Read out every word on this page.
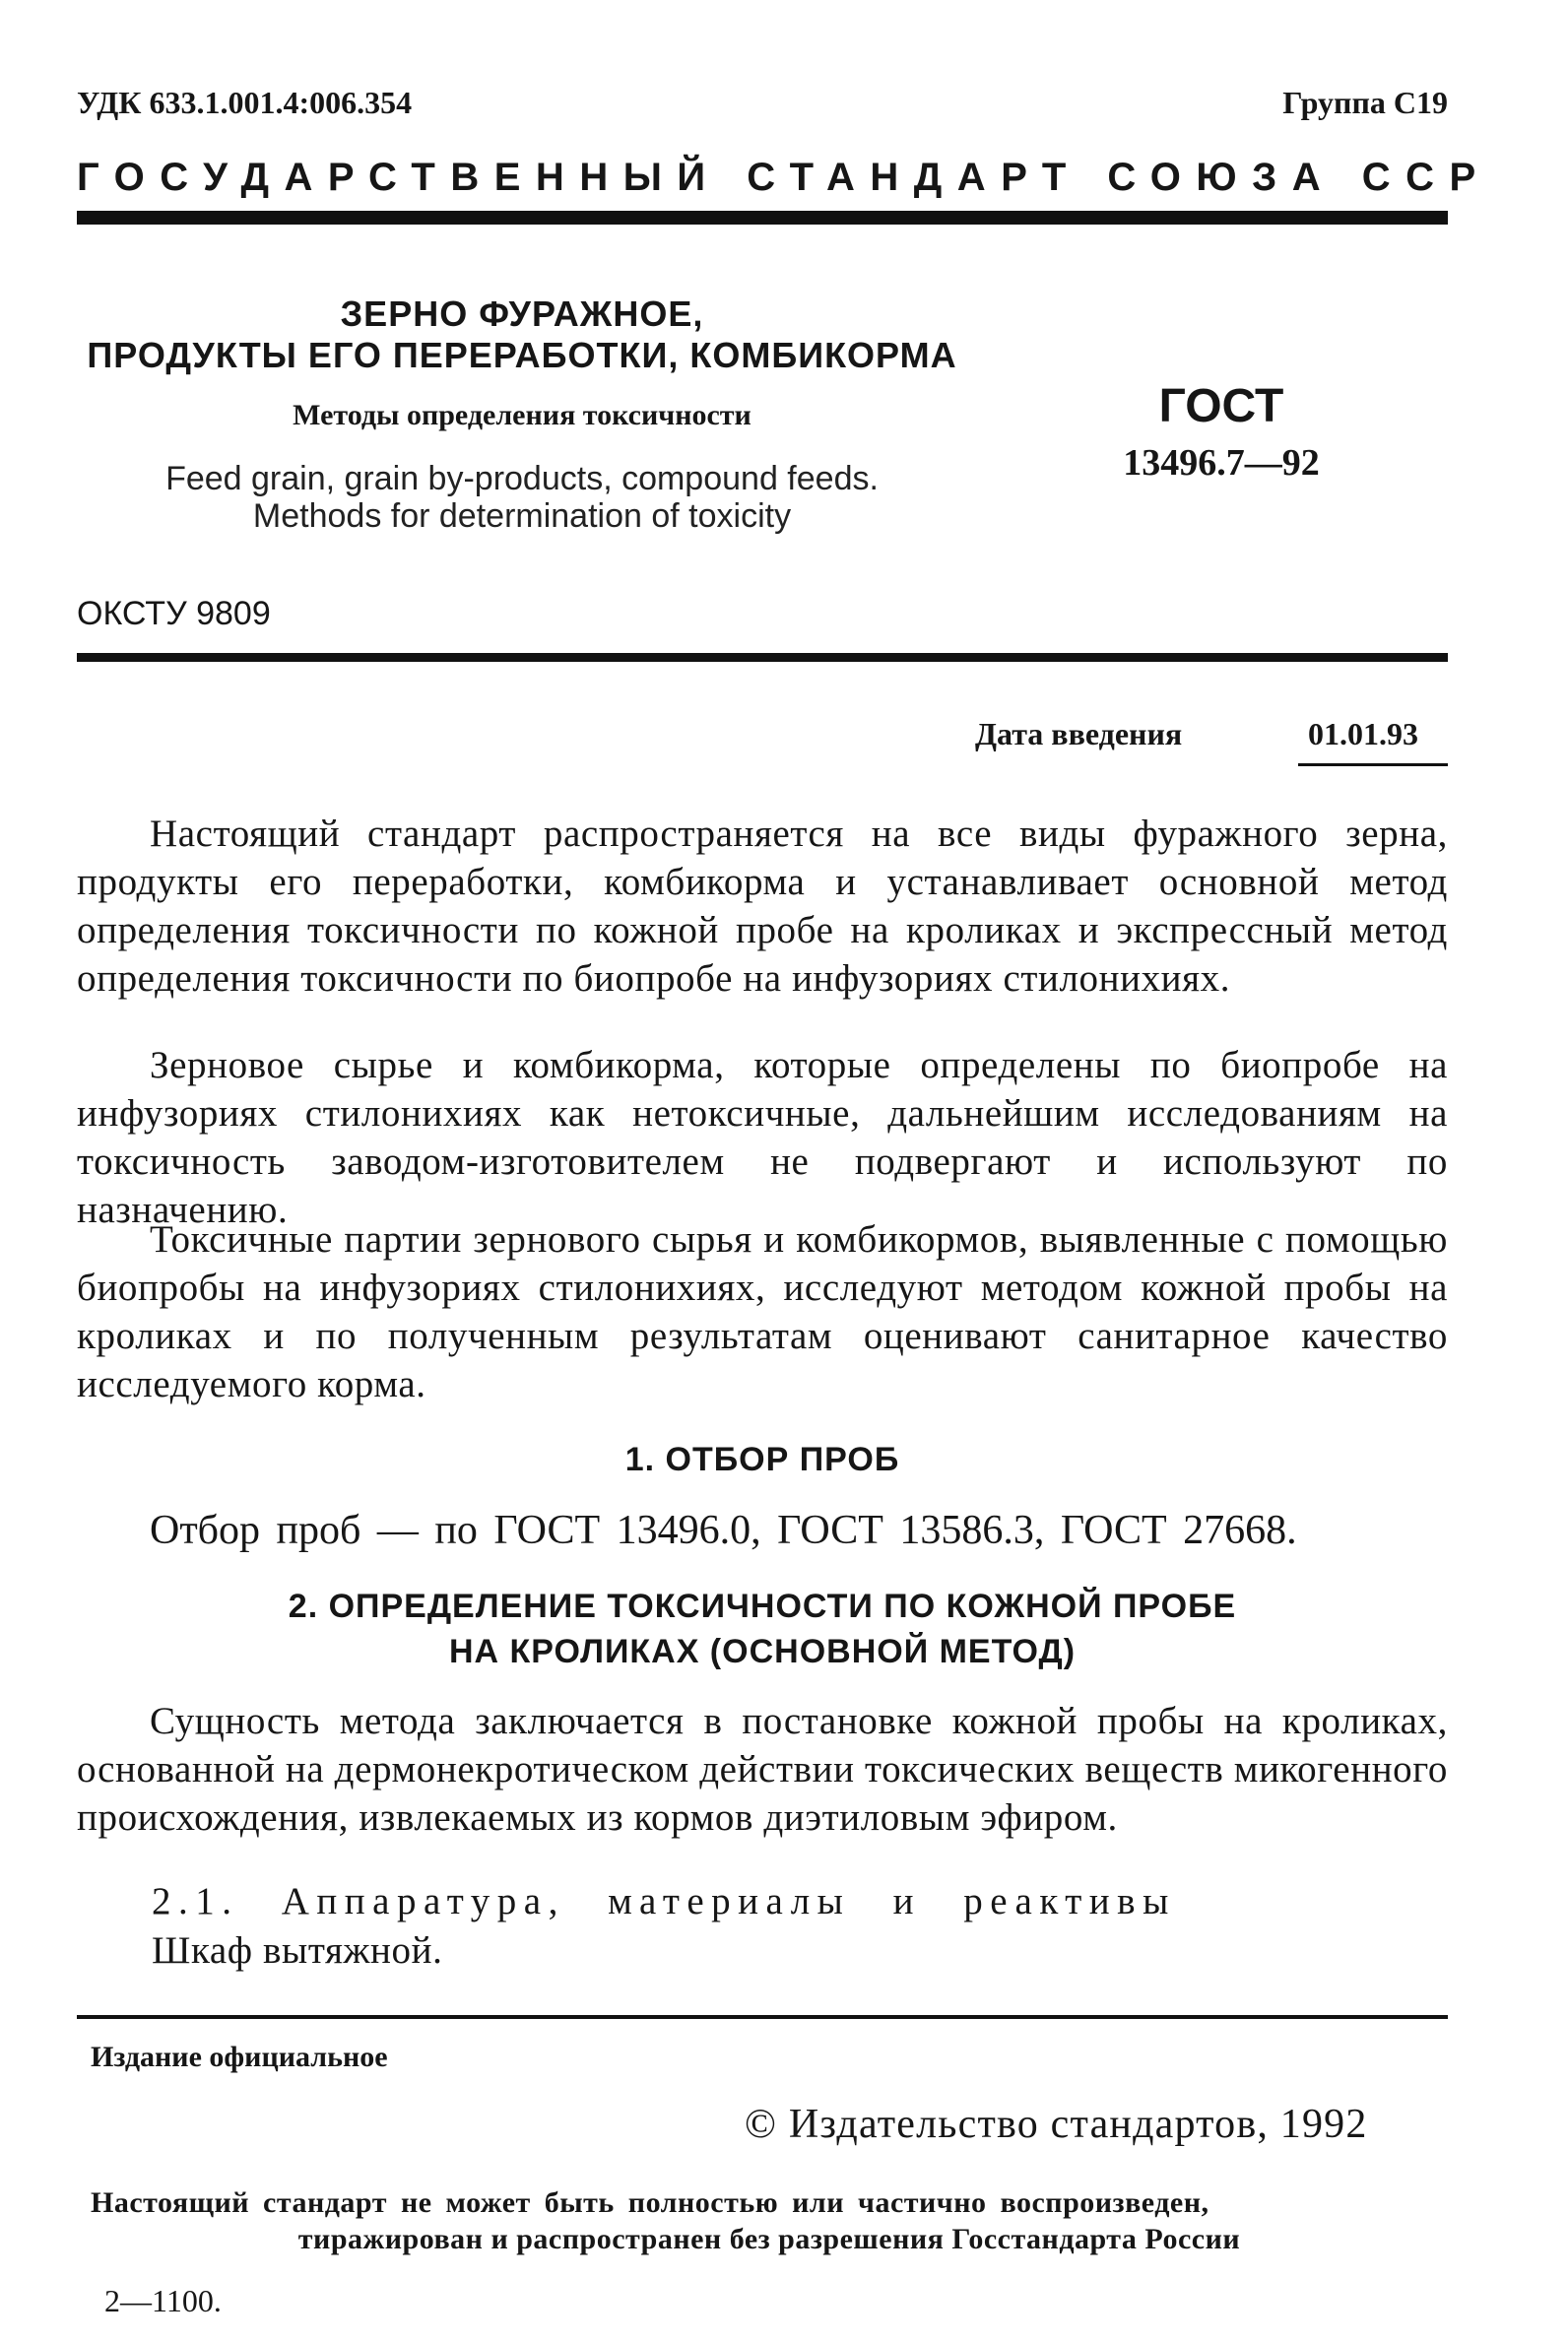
УДК 633.1.001.4:006.354	Группа С19
ГОСУДАРСТВЕННЫЙ СТАНДАРТ СОЮЗА ССР
ЗЕРНО ФУРАЖНОЕ,
ПРОДУКТЫ ЕГО ПЕРЕРАБОТКИ, КОМБИКОРМА
Методы определения токсичности
Feed grain, grain by-products, compound feeds.
Methods for determination of toxicity
ГОСТ
13496.7—92
ОКСТУ 9809
Дата введения	01.01.93
Настоящий стандарт распространяется на все виды фуражного зерна, продукты его переработки, комбикорма и устанавливает основной метод определения токсичности по кожной пробе на кроликах и экспрессный метод определения токсичности по биопробе на инфузориях стилонихиях.
Зерновое сырье и комбикорма, которые определены по биопробе на инфузориях стилонихиях как нетоксичные, дальнейшим исследованиям на токсичность заводом-изготовителем не подвергают и используют по назначению.
Токсичные партии зернового сырья и комбикормов, выявленные с помощью биопробы на инфузориях стилонихиях, исследуют методом кожной пробы на кроликах и по полученным результатам оценивают санитарное качество исследуемого корма.
1. ОТБОР ПРОБ
Отбор проб — по ГОСТ 13496.0, ГОСТ 13586.3, ГОСТ 27668.
2. ОПРЕДЕЛЕНИЕ ТОКСИЧНОСТИ ПО КОЖНОЙ ПРОБЕ
НА КРОЛИКАХ (ОСНОВНОЙ МЕТОД)
Сущность метода заключается в постановке кожной пробы на кроликах, основанной на дермонекротическом действии токсических веществ микогенного происхождения, извлекаемых из кормов диэтиловым эфиром.
2.1. Аппаратура, материалы и реактивы
Шкаф вытяжной.
Издание официальное
© Издательство стандартов, 1992
Настоящий стандарт не может быть полностью или частично воспроизведен,
тиражирован и распространен без разрешения Госстандарта России
2—1100.
